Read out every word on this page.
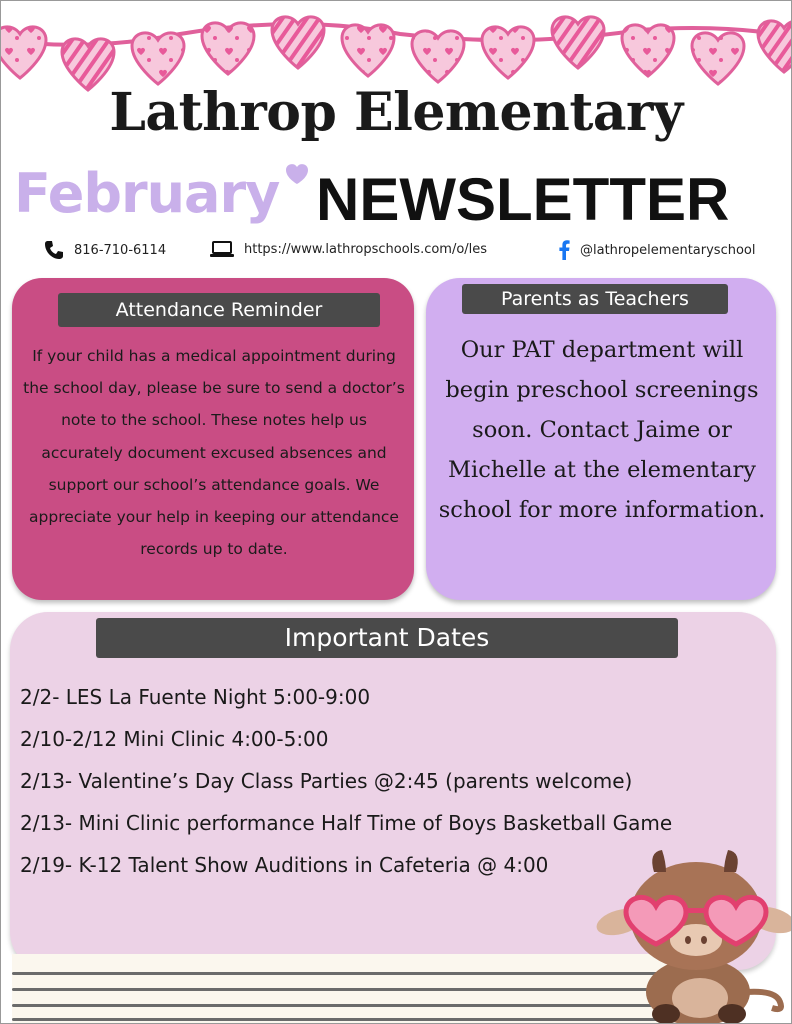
Lathrop Elementary
February NEWSLETTER
816-710-6114	https://www.lathropschools.com/o/les	@lathropelementaryschool
Attendance Reminder
If your child has a medical appointment during the school day, please be sure to send a doctor’s note to the school. These notes help us accurately document excused absences and support our school’s attendance goals. We appreciate your help in keeping our attendance records up to date.
Parents as Teachers
Our PAT department will begin preschool screenings soon. Contact Jaime or Michelle at the elementary school for more information.
Important Dates
2/2- LES La Fuente Night 5:00-9:00
2/10-2/12 Mini Clinic 4:00-5:00
2/13- Valentine’s Day Class Parties @2:45 (parents welcome)
2/13- Mini Clinic performance Half Time of Boys Basketball Game
2/19- K-12 Talent Show Auditions in Cafeteria @ 4:00
